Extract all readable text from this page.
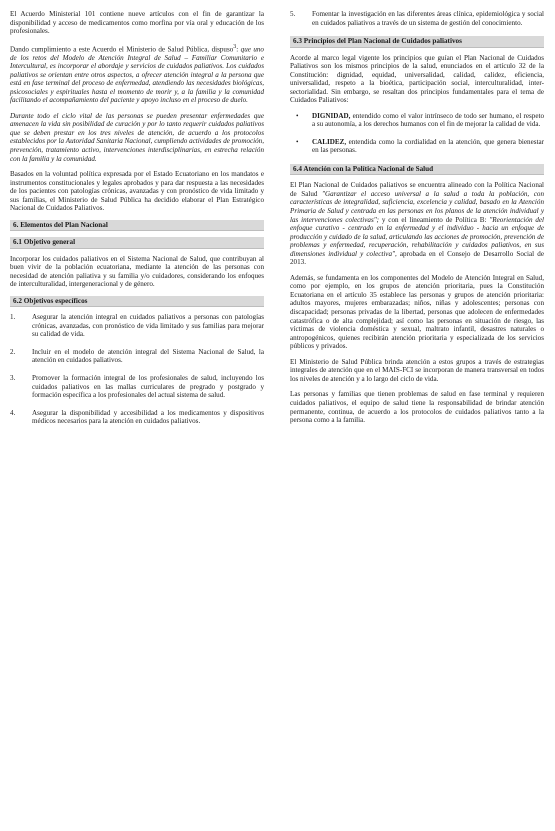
El Acuerdo Ministerial 101 contiene nueve artículos con el fin de garantizar la disponibilidad y acceso de medicamentos como morfina por vía oral y educación de los profesionales.

Dando cumplimiento a este Acuerdo el Ministerio de Salud Pública, dispuso$^3$: que uno de los retos del Modelo de Atención Integral de Salud – Familiar Comunitario e Intercultural, es incorporar el abordaje y servicios de cuidados paliativos. Los cuidados paliativos se orientan entre otros aspectos, a ofrecer atención integral a la persona que está en fase terminal del proceso de enfermedad, atendiendo las necesidades biológicas, psicosociales y espirituales hasta el momento de morir y, a la familia y la comunidad facilitando el acompañamiento del paciente y apoyo incluso en el proceso de duelo.

Durante todo el ciclo vital de las personas se pueden presentar enfermedades que amenacen la vida sin posibilidad de curación y por lo tanto requerir cuidados paliativos que se deben prestar en los tres niveles de atención, de acuerdo a los protocolos establecidos por la Autoridad Sanitaria Nacional, cumpliendo actividades de promoción, prevención, tratamiento activo, intervenciones interdisciplinarias, en estrecha relación con la familia y la comunidad.

Basados en la voluntad política expresada por el Estado Ecuatoriano en los mandatos e instrumentos constitucionales y legales aprobados y para dar respuesta a las necesidades de los pacientes con patologías crónicas, avanzadas y con pronóstico de vida limitado y sus familias, el Ministerio de Salud Pública ha decidido elaborar el Plan Estratégico Nacional de Cuidados Paliativos.

6. Elementos del Plan Nacional
6.1 Objetivo general

Incorporar los cuidados paliativos en el Sistema Nacional de Salud, que contribuyan al buen vivir de la población ecuatoriana, mediante la atención de las personas con necesidad de atención paliativa y su familia y/o cuidadores, considerando los enfoques de interculturalidad, intergeneracional y de género.

6.2 Objetivos específicos
1. Asegurar la atención integral en cuidados paliativos a personas con patologías crónicas, avanzadas, con pronóstico de vida limitado y sus familias para mejorar su calidad de vida.
2. Incluir en el modelo de atención integral del Sistema Nacional de Salud, la atención en cuidados paliativos.
3. Promover la formación integral de los profesionales de salud, incluyendo los cuidados paliativos en las mallas curriculares de pregrado y postgrado y formación específica a los profesionales del actual sistema de salud.
4. Asegurar la disponibilidad y accesibilidad a los medicamentos y dispositivos médicos necesarios para la atención en cuidados paliativos.
5. Fomentar la investigación en las diferentes áreas clínica, epidemiológica y social en cuidados paliativos a través de un sistema de gestión del conocimiento.
6.3 Principios del Plan Nacional de Cuidados paliativos

Acorde al marco legal vigente los principios que guían el Plan Nacional de Cuidados Paliativos son los mismos principios de la salud, enunciados en el artículo 32 de la Constitución: dignidad, equidad, universalidad, calidad, calidez, eficiencia, universalidad, respeto a la bioética, participación social, interculturalidad, inter-sectorialidad. Sin embargo, se resaltan dos principios fundamentales para el tema de Cuidados Paliativos:

• DIGNIDAD, entendido como el valor intrínseco de todo ser humano, el respeto a su autonomía, a los derechos humanos con el fin de mejorar la calidad de vida.
• CALIDEZ, entendida como la cordialidad en la atención, que genera bienestar en las personas.
6.4 Atención con la Política Nacional de Salud

El Plan Nacional de Cuidados paliativos se encuentra alineado con la Política Nacional de Salud "Garantizar el acceso universal a la salud a toda la población, con características de integralidad, suficiencia, excelencia y calidad, basado en la Atención Primaria de Salud y centrada en las personas en los planos de la atención individual y las intervenciones colectivas"; y con el lineamiento de Política B: "Reorientación del enfoque curativo - centrado en la enfermedad y el individuo - hacia un enfoque de producción y cuidado de la salud, articulando las acciones de promoción, prevención de problemas y enfermedad, recuperación, rehabilitación y cuidados paliativos, en sus dimensiones individual y colectiva", aprobada en el Consejo de Desarrollo Social de 2013.

Además, se fundamenta en los componentes del Modelo de Atención Integral en Salud, como por ejemplo, en los grupos de atención prioritaria, pues la Constitución Ecuatoriana en el artículo 35 establece las personas y grupos de atención prioritaria: adultos mayores, mujeres embarazadas; niños, niñas y adolescentes; personas con discapacidad; personas privadas de la libertad, personas que adolecen de enfermedades catastrófica o de alta complejidad; así como las personas en situación de riesgo, las víctimas de violencia doméstica y sexual, maltrato infantil, desastres naturales o antropogénicos, quienes recibirán atención prioritaria y especializada de los servicios públicos y privados.

El Ministerio de Salud Pública brinda atención a estos grupos a través de estrategias integrales de atención que en el MAIS-FCI se incorporan de manera transversal en todos los niveles de atención y a lo largo del ciclo de vida.

Las personas y familias que tienen problemas de salud en fase terminal y requieren cuidados paliativos, el equipo de salud tiene la responsabilidad de brindar atención permanente, continua, de acuerdo a los protocolos de cuidados paliativos tanto a la persona como a la familia.
